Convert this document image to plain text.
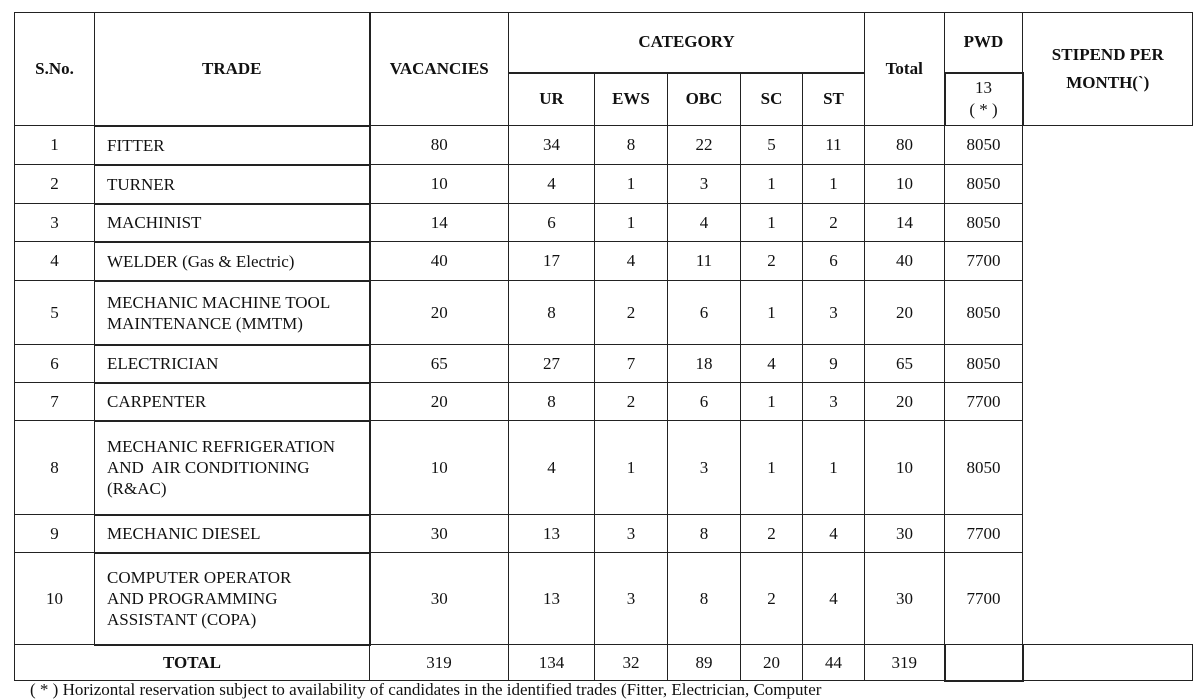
S.No.	TRADE	VACANCIES	CATEGORY					Total	PWD	STIPEND PER
MONTH(`)

			UR	EWS	OBC	SC	ST		13
( * )	

1	FITTER	80	34	8	22	5	11	80	8050	
2	TURNER	10	4	1	3	1	1	10	8050	
3	MACHINIST	14	6	1	4	1	2	14	8050	
4	WELDER (Gas & Electric)	40	17	4	11	2	6	40	7700	
5	MECHANIC MACHINE TOOL
MAINTENANCE (MMTM)	20	8	2	6	1	3	20	8050	
6	ELECTRICIAN	65	27	7	18	4	9	65	8050	
7	CARPENTER	20	8	2	6	1	3	20	7700	
8	MECHANIC REFRIGERATION
AND  AIR CONDITIONING
(R&AC)	10	4	1	3	1	1	10	8050	
9	MECHANIC DIESEL	30	13	3	8	2	4	30	7700	
10	COMPUTER OPERATOR
AND PROGRAMMING
ASSISTANT (COPA)	30	13	3	8	2	4	30	7700	
TOTAL		319	134	32	89	20	44	319		
( * ) Horizontal reservation subject to availability of candidates in the identified trades (Fitter, Electrician, Computer
